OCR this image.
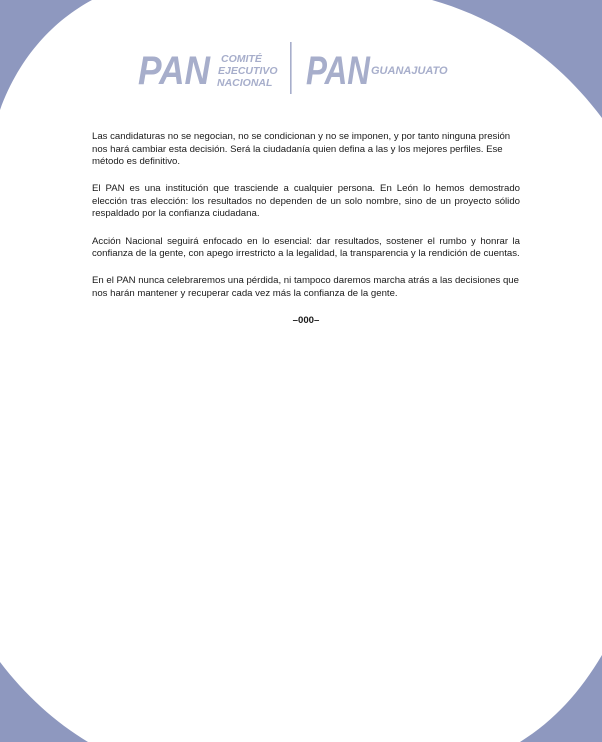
PAN COMITÉ
EJECUTIVO
NACIONAL PAN GUANAJUATO

Las candidaturas no se negocian, no se condicionan y no se imponen, y por tanto ninguna presión nos hará cambiar esta decisión. Será la ciudadanía quien defina a las y los mejores perfiles. Ese método es definitivo.

El PAN es una institución que trasciende a cualquier persona. En León lo hemos demostrado elección tras elección: los resultados no dependen de un solo nombre, sino de un proyecto sólido respaldado por la confianza ciudadana.

Acción Nacional seguirá enfocado en lo esencial: dar resultados, sostener el rumbo y honrar la confianza de la gente, con apego irrestricto a la legalidad, la transparencia y la rendición de cuentas.

En el PAN nunca celebraremos una pérdida, ni tampoco daremos marcha atrás a las decisiones que nos harán mantener y recuperar cada vez más la confianza de la gente.

–000–
